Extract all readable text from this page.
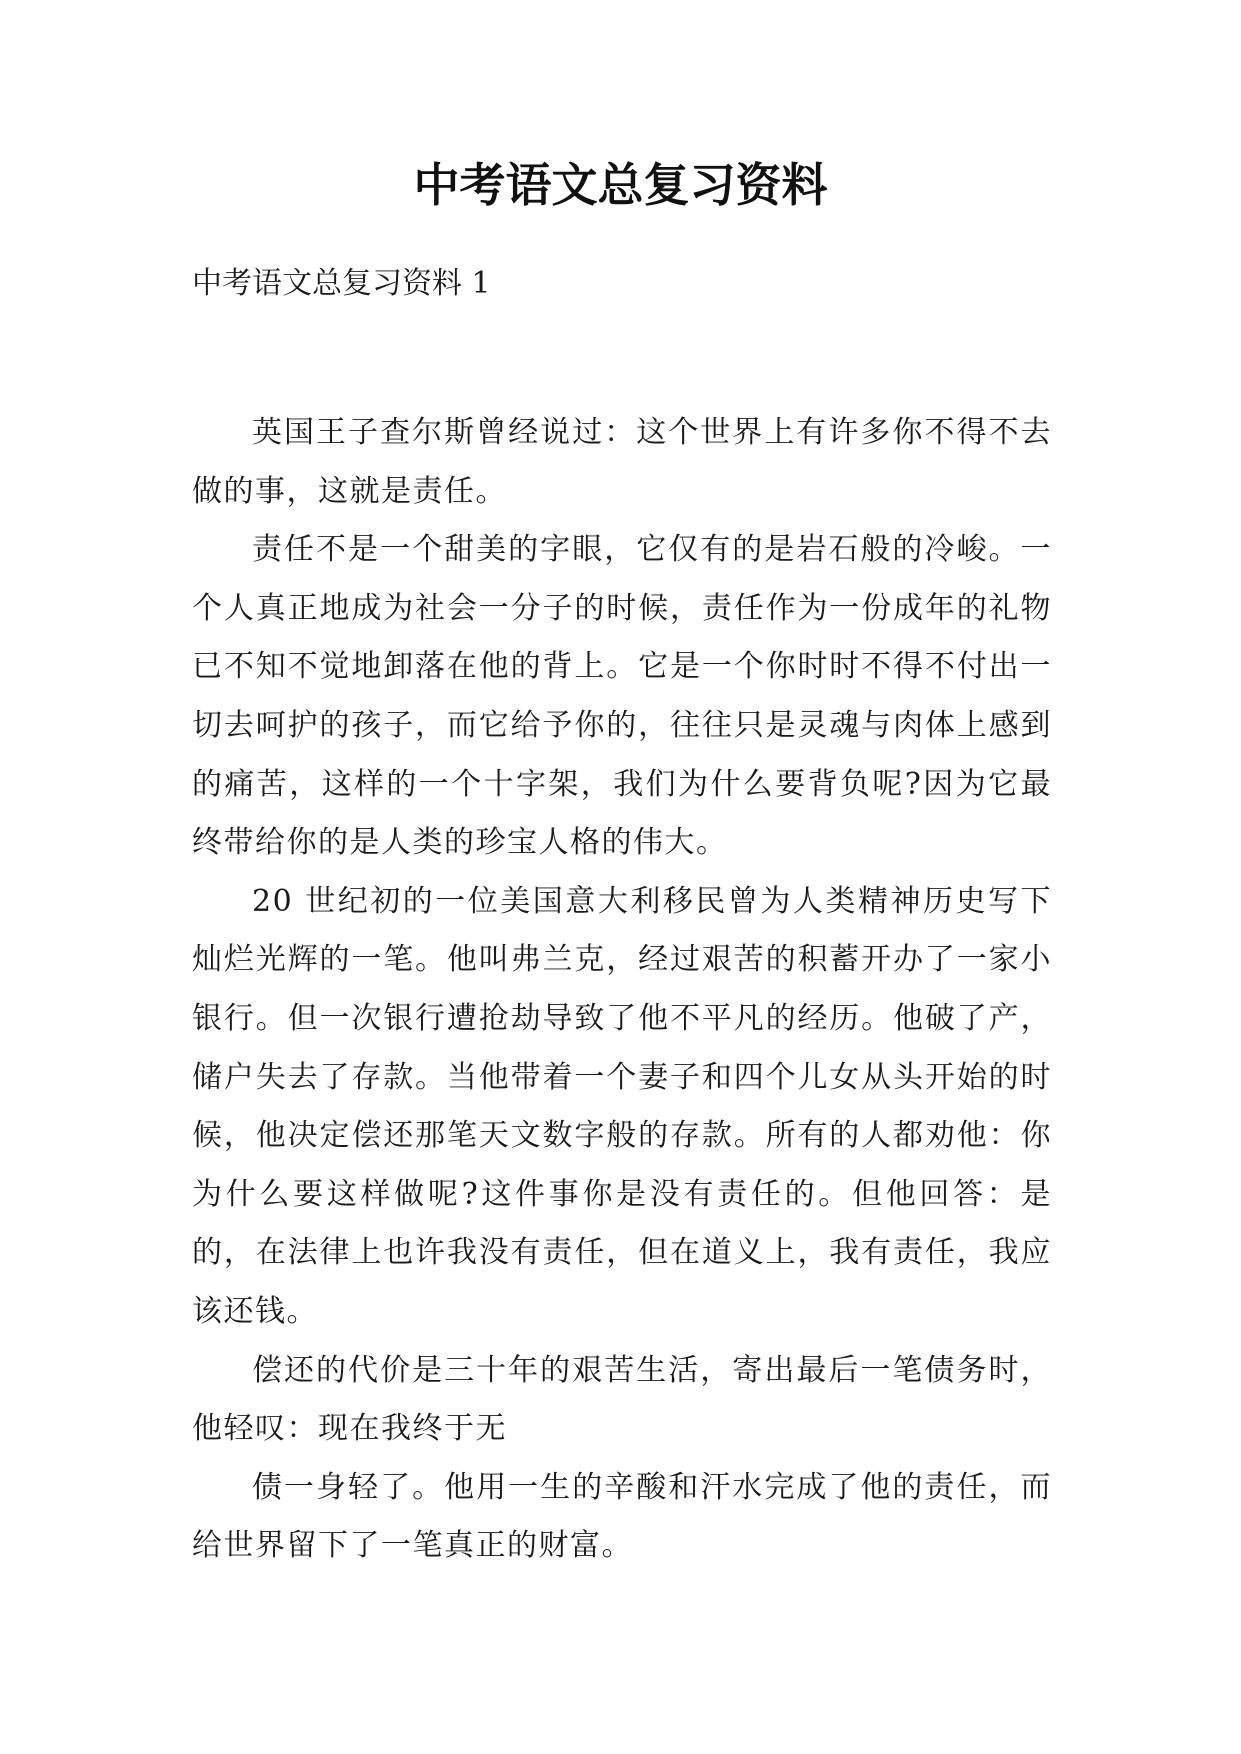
中考语文总复习资料
中考语文总复习资料 1

英国王子查尔斯曾经说过：这个世界上有许多你不得不去做的事，这就是责任。

责任不是一个甜美的字眼，它仅有的是岩石般的冷峻。一个人真正地成为社会一分子的时候，责任作为一份成年的礼物已不知不觉地卸落在他的背上。它是一个你时时不得不付出一切去呵护的孩子，而它给予你的，往往只是灵魂与肉体上感到的痛苦，这样的一个十字架，我们为什么要背负呢?因为它最终带给你的是人类的珍宝人格的伟大。

20 世纪初的一位美国意大利移民曾为人类精神历史写下灿烂光辉的一笔。他叫弗兰克，经过艰苦的积蓄开办了一家小银行。但一次银行遭抢劫导致了他不平凡的经历。他破了产，储户失去了存款。当他带着一个妻子和四个儿女从头开始的时候，他决定偿还那笔天文数字般的存款。所有的人都劝他：你为什么要这样做呢?这件事你是没有责任的。但他回答：是的，在法律上也许我没有责任，但在道义上，我有责任，我应该还钱。

偿还的代价是三十年的艰苦生活，寄出最后一笔债务时，他轻叹：现在我终于无

债一身轻了。他用一生的辛酸和汗水完成了他的责任，而给世界留下了一笔真正的财富。
